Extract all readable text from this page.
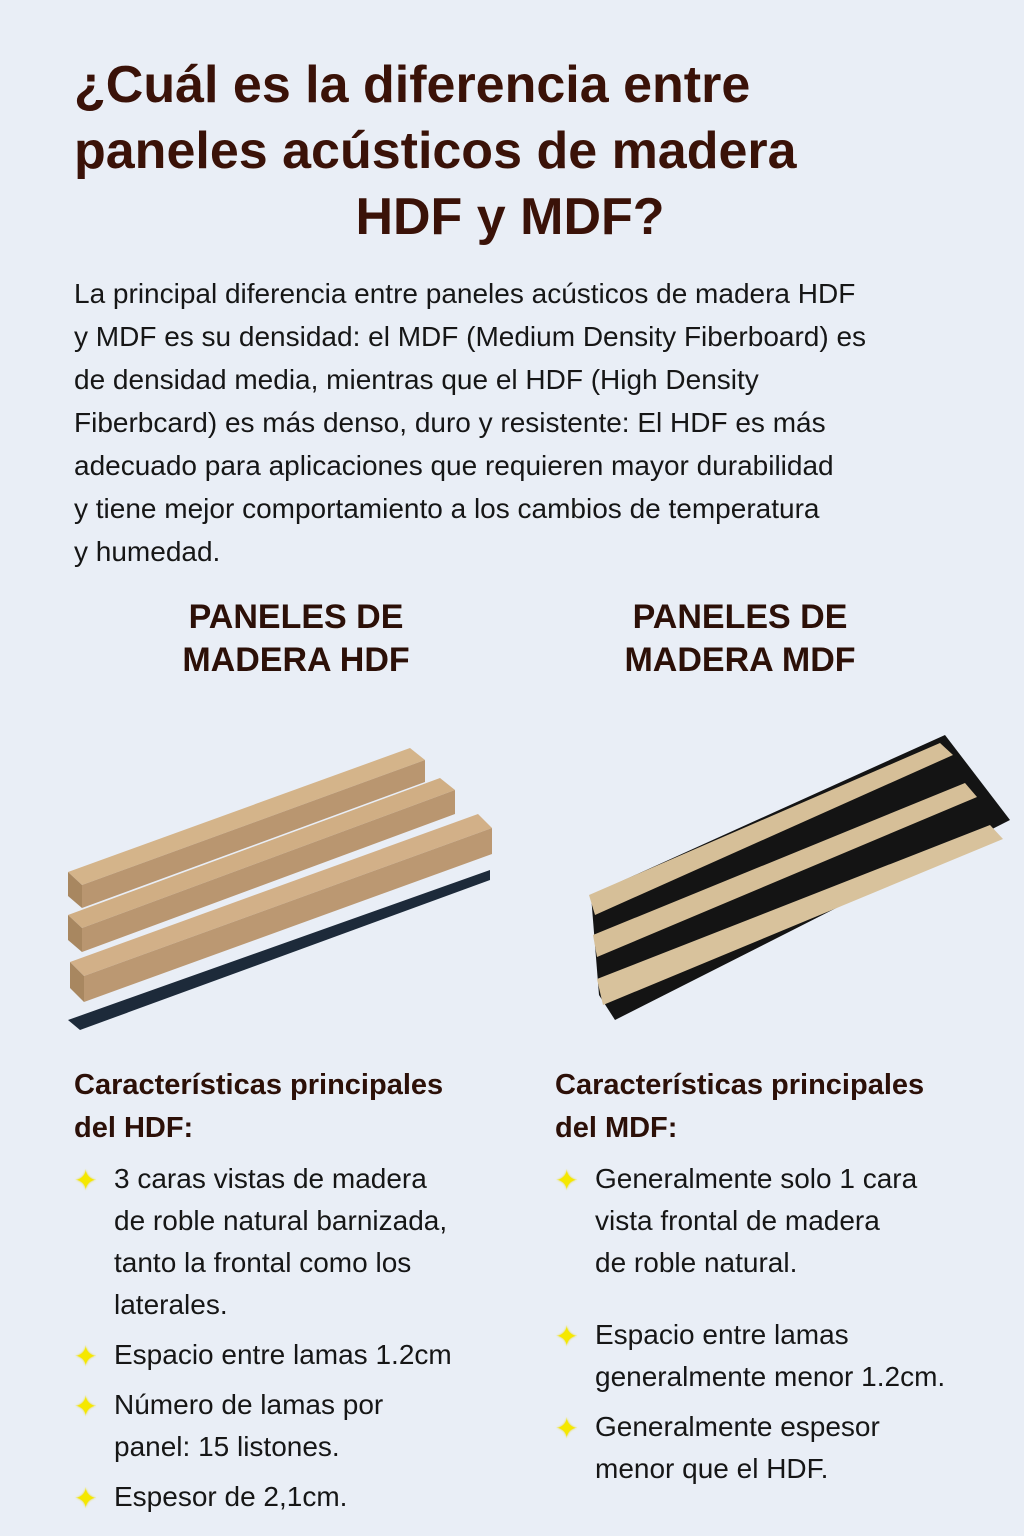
¿Cuál es la diferencia entre
paneles acústicos de madera
HDF y MDF?
La principal diferencia entre paneles acústicos de madera HDF
y MDF es su densidad: el MDF (Medium Density Fiberboard) es
de densidad media, mientras que el HDF (High Density
Fiberbcard) es más denso, duro y resistente: El HDF es más
adecuado para aplicaciones que requieren mayor durabilidad
y tiene mejor comportamiento a los cambios de temperatura
y humedad.
PANELES DE
MADERA HDF
PANELES DE
MADERA MDF
Características principales
del HDF:
✦ 3 caras vistas de madera
de roble natural barnizada,
tanto la frontal como los
laterales.
✦ Espacio entre lamas 1.2cm
✦ Número de lamas por
panel: 15 listones.
✦ Espesor de 2,1cm.
Características principales
del MDF:
✦ Generalmente solo 1 cara
vista frontal de madera
de roble natural.
✦ Espacio entre lamas
generalmente menor 1.2cm.
✦ Generalmente espesor
menor que el HDF.
